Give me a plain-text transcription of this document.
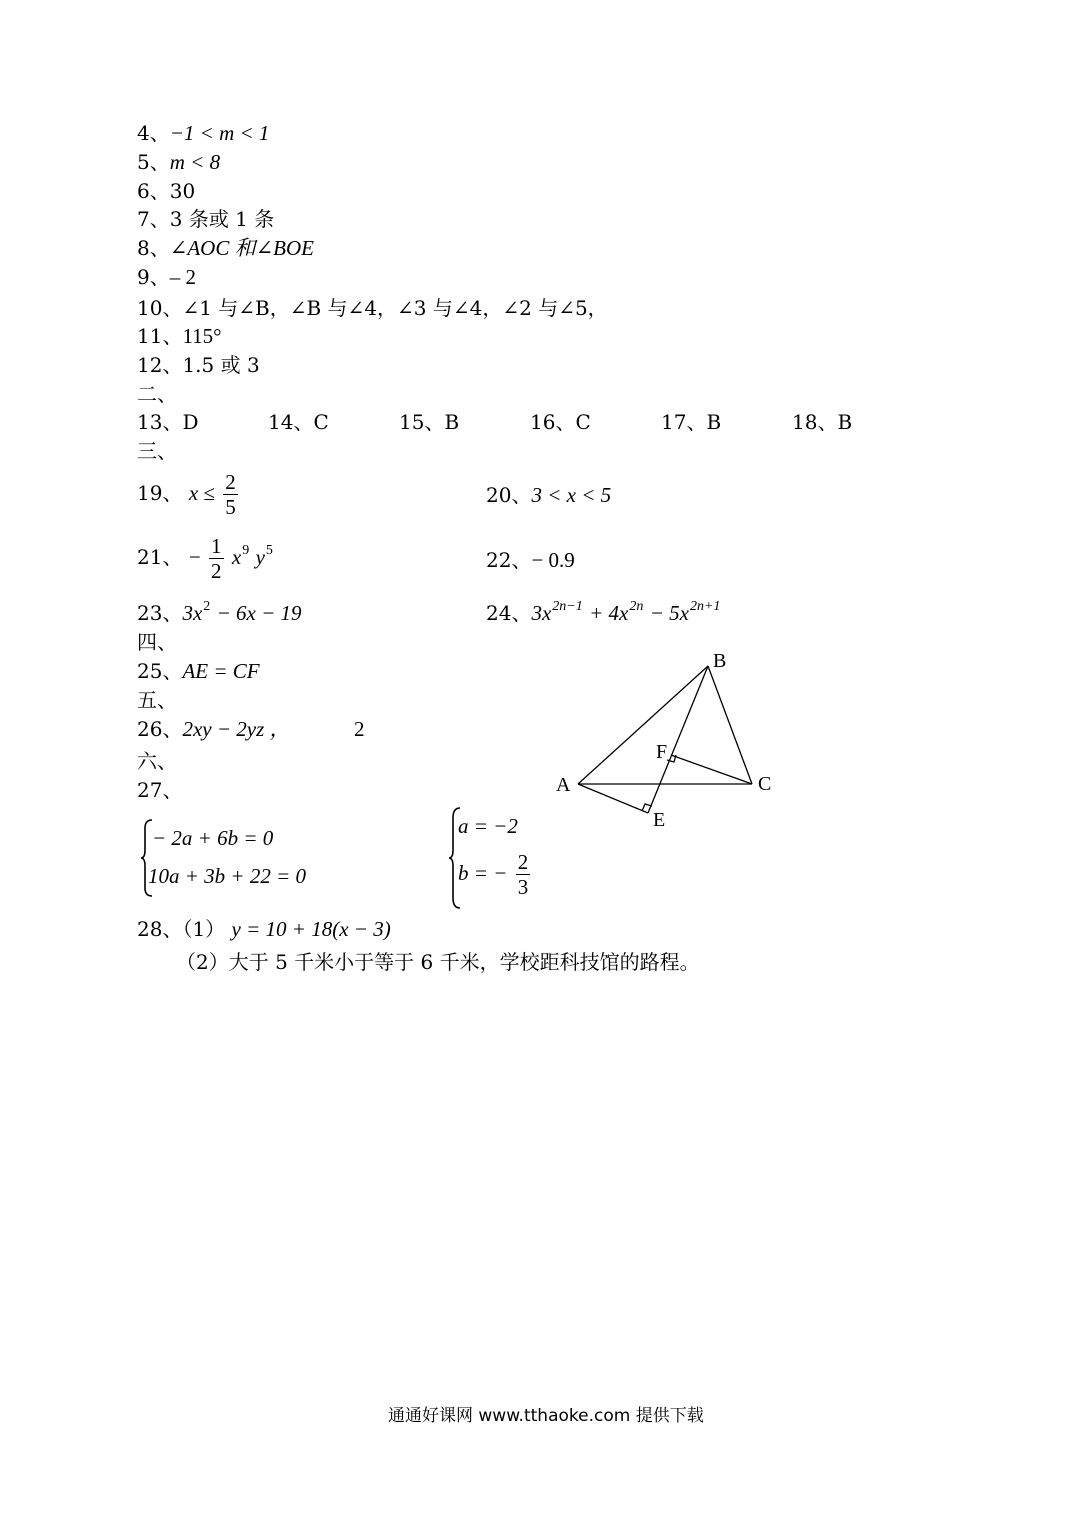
4、−1 < m < 1
5、m < 8
6、30
7、3 条或 1 条
8、∠AOC 和∠BOE
9、– 2
10、∠1 与∠B，∠B 与∠4，∠3 与∠4，∠2 与∠5，
11、115°
12、1.5 或 3
二、
13、D	14、C	15、B	16、C	17、B	18、B
三、
19、 $x \le \frac{2}{5}$	20、3 < x < 5
21、 − $\frac{1}{2} x^9$ $y^5$	22、− 0.9
23、$3x^2 - 6x - 19$	24、$3x^{2n-1} + 4x^{2n} - 5x^{2n+1}$
四、
25、AE = CF
五、
26、2xy − 2yz ，	2
六、
27、
− 2a + 6b = 0
10a + 3b + 22 = 0
a = −2
b = − $\frac{2}{3}$
A
B
C
E
F
28、（1） y = 10 + 18(x − 3)
（2）大于 5 千米小于等于 6 千米，学校距科技馆的路程。
通通好课网 www.tthaoke.com 提供下载
